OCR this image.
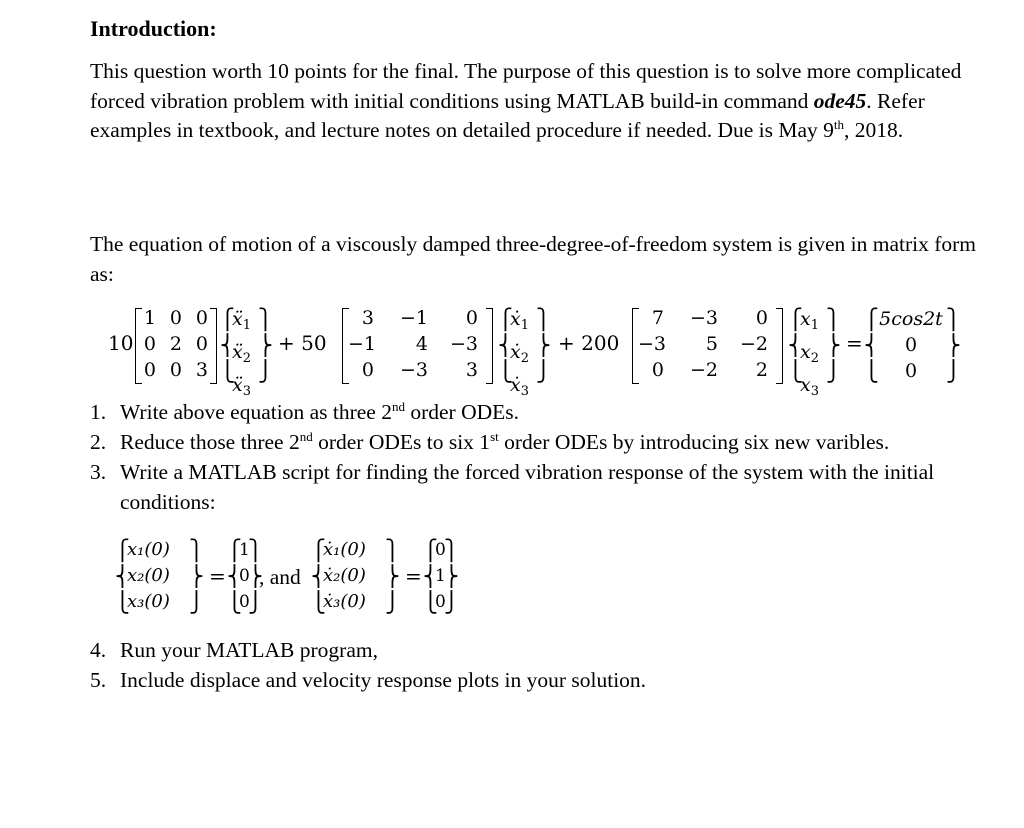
Introduction:
This question worth 10 points for the final. The purpose of this question is to solve more complicated forced vibration problem with initial conditions using MATLAB build-in command ode45. Refer examples in textbook, and lecture notes on detailed procedure if needed. Due is May 9th, 2018.
The equation of motion of a viscously damped three-degree-of-freedom system is given in matrix form as:
10
1 0 0
0 2 0
0 0 3
⎧
⎨
⎩
ẍ$_1$
ẍ$_2$
ẍ$_3$
⎫
⎬
⎭
+ 50
3	−1	0
−1	4	−3
0	−3	3
⎧
⎨
⎩
ẋ$_1$
ẋ$_2$
ẋ$_3$
⎫
⎬
⎭
+ 200
7	−3	0
−3	5	−2
0	−2	2
⎧
⎨
⎩
$x_1$
$x_2$
$x_3$
⎫
⎬
⎭
=
⎧
⎨
⎩
5cos2t
0
0
⎫
⎬
⎭
1. Write above equation as three 2nd order ODEs.
2. Reduce those three 2nd order ODEs to six 1st order ODEs by introducing six new varibles.
3. Write a MATLAB script for finding the forced vibration response of the system with the initial conditions:
⎧
⎨
⎩
x₁(0)
x₂(0)
x₃(0)
⎫
⎬
⎭
=
⎧
⎨
⎩
1
0
0
⎫
⎬
⎭
, and
⎧
⎨
⎩
ẋ₁(0)
ẋ₂(0)
ẋ₃(0)
⎫
⎬
⎭
=
⎧
⎨
⎩
0
1
0
⎫
⎬
⎭
4. Run your MATLAB program,
5. Include displace and velocity response plots in your solution.
